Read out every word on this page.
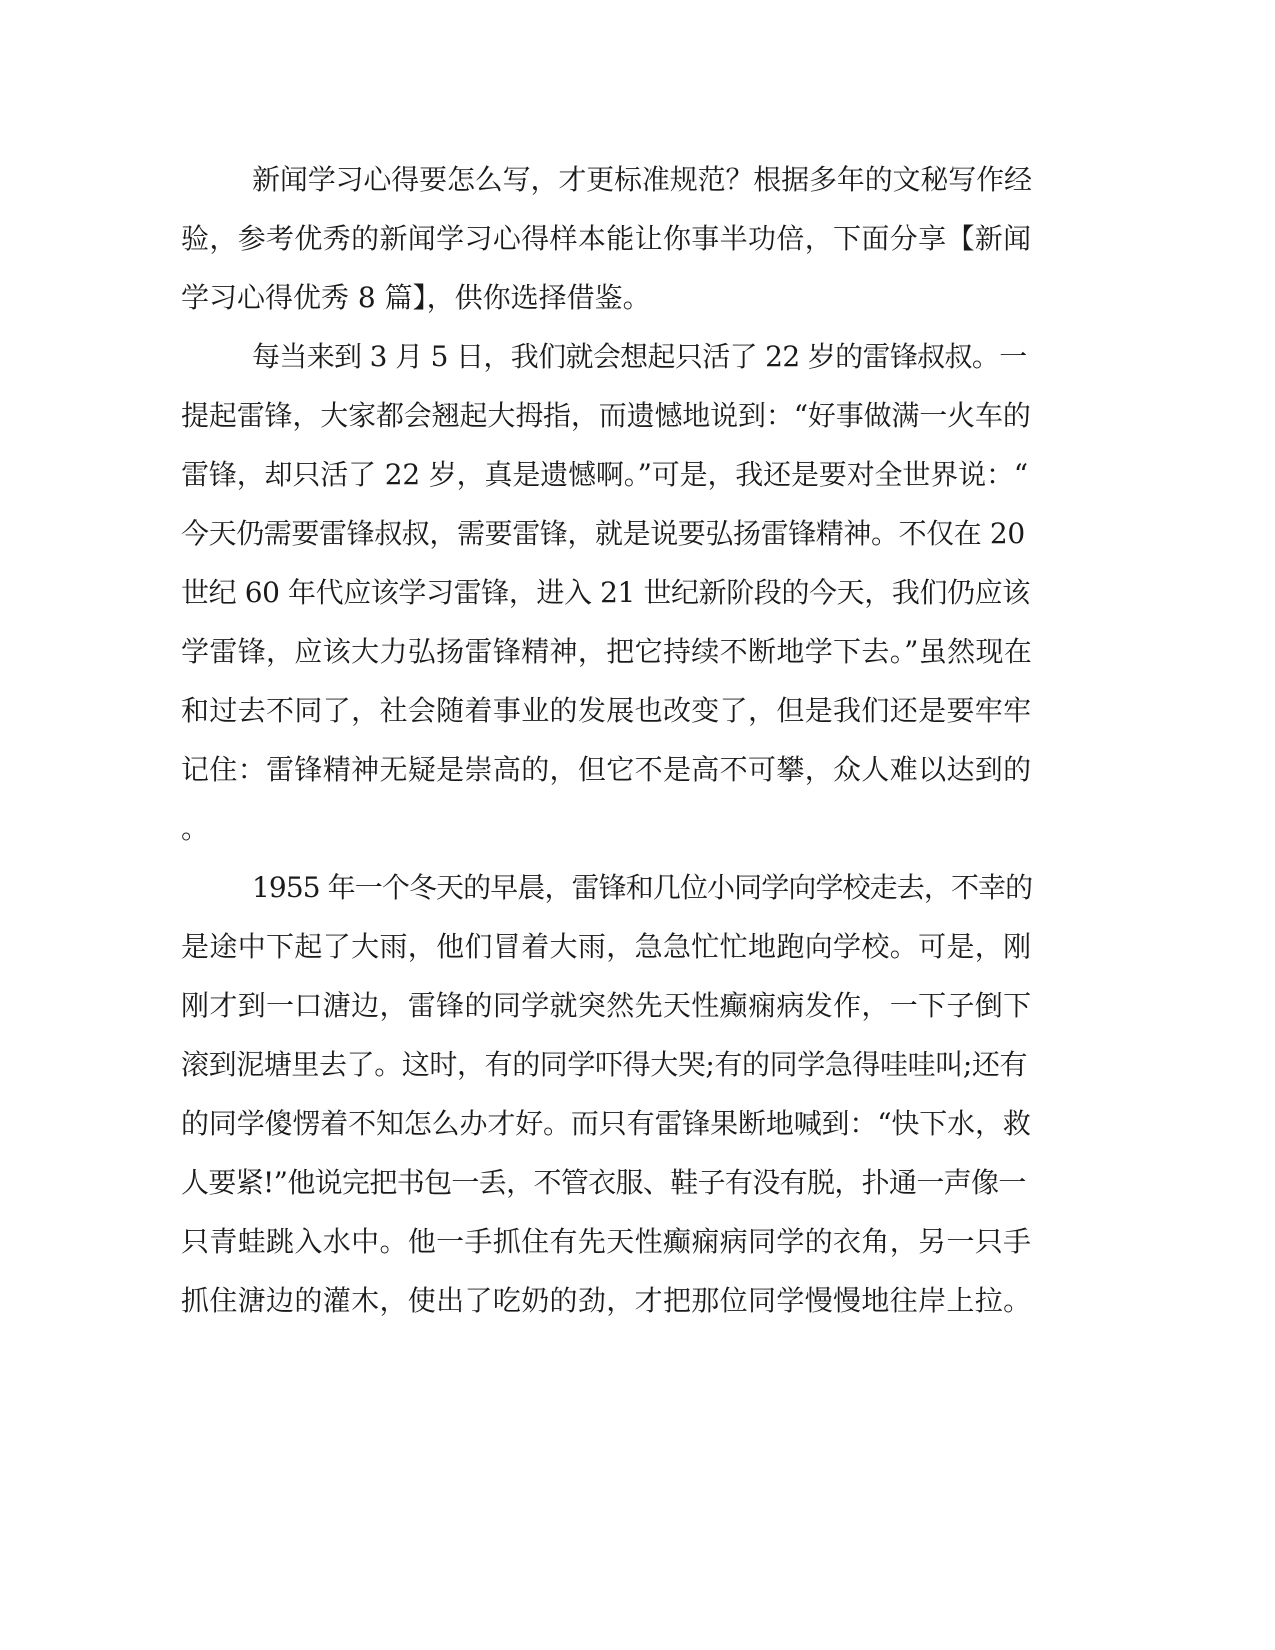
新闻学习心得要怎么写，才更标准规范？根据多年的文秘写作经

验，参考优秀的新闻学习心得样本能让你事半功倍，下面分享【新闻

学习心得优秀 8 篇】，供你选择借鉴。

每当来到 3 月 5 日，我们就会想起只活了 22 岁的雷锋叔叔。一

提起雷锋，大家都会翘起大拇指，而遗憾地说到：“好事做满一火车的

雷锋，却只活了 22 岁，真是遗憾啊。”可是，我还是要对全世界说：“

今天仍需要雷锋叔叔，需要雷锋，就是说要弘扬雷锋精神。不仅在 20

世纪 60 年代应该学习雷锋，进入 21 世纪新阶段的今天，我们仍应该

学雷锋，应该大力弘扬雷锋精神，把它持续不断地学下去。”虽然现在

和过去不同了，社会随着事业的发展也改变了，但是我们还是要牢牢

记住：雷锋精神无疑是崇高的，但它不是高不可攀，众人难以达到的

。

1955 年一个冬天的早晨，雷锋和几位小同学向学校走去，不幸的

是途中下起了大雨，他们冒着大雨，急急忙忙地跑向学校。可是，刚

刚才到一口溏边，雷锋的同学就突然先天性癫痫病发作，一下子倒下

滚到泥塘里去了。这时，有的同学吓得大哭;有的同学急得哇哇叫;还有

的同学傻愣着不知怎么办才好。而只有雷锋果断地喊到：“快下水，救

人要紧!”他说完把书包一丢，不管衣服、鞋子有没有脱，扑通一声像一

只青蛙跳入水中。他一手抓住有先天性癫痫病同学的衣角，另一只手

抓住溏边的灌木，使出了吃奶的劲，才把那位同学慢慢地往岸上拉。
